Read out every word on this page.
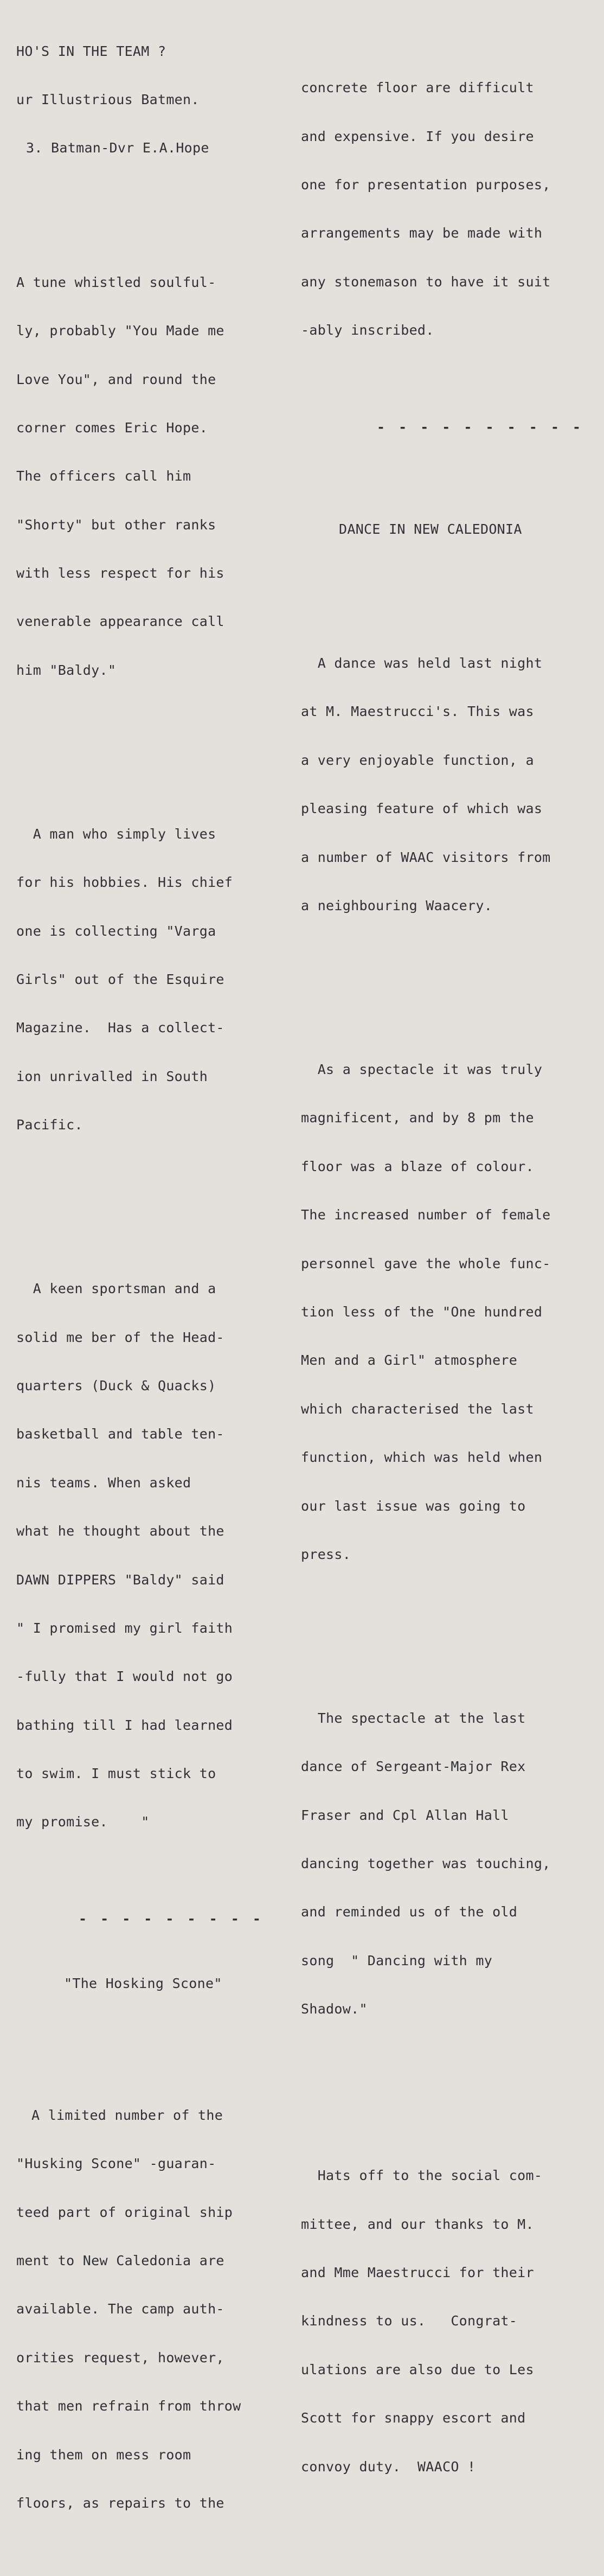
HO'S IN THE TEAM ?

ur Illustrious Batmen.

3. Batman-Dvr E.A.Hope

A tune whistled soulful-

ly, probably "You Made me

Love You", and round the

corner comes Eric Hope.

The officers call him

"Shorty" but other ranks

with less respect for his

venerable appearance call

him "Baldy."

A man who simply lives

for his hobbies. His chief

one is collecting "Varga

Girls" out of the Esquire

Magazine.  Has a collect-

ion unrivalled in South

Pacific.

A keen sportsman and a

solid me ber of the Head-

quarters (Duck & Quacks)

basketball and table ten-

nis teams. When asked

what he thought about the

DAWN DIPPERS "Baldy" said

" I promised my girl faith

-fully that I would not go

bathing till I had learned

to swim. I must stick to

my promise.    "

- - - - - - - - -

"The Hosking Scone"

A limited number of the

"Husking Scone" -guaran-

teed part of original ship

ment to New Caledonia are

available. The camp auth-

orities request, however,

that men refrain from throw

ing them on mess room

floors, as repairs to the

concrete floor are difficult

and expensive. If you desire

one for presentation purposes,

arrangements may be made with

any stonemason to have it suit

-ably inscribed.

- - - - - - - - - -

DANCE IN NEW CALEDONIA

A dance was held last night

at M. Maestrucci's. This was

a very enjoyable function, a

pleasing feature of which was

a number of WAAC visitors from

a neighbouring Waacery.

As a spectacle it was truly

magnificent, and by 8 pm the

floor was a blaze of colour.

The increased number of female

personnel gave the whole func-

tion less of the "One hundred

Men and a Girl" atmosphere

which characterised the last

function, which was held when

our last issue was going to

press.

The spectacle at the last

dance of Sergeant-Major Rex

Fraser and Cpl Allan Hall

dancing together was touching,

and reminded us of the old

song  " Dancing with my

Shadow."

Hats off to the social com-

mittee, and our thanks to M.

and Mme Maestrucci for their

kindness to us.   Congrat-

ulations are also due to Les

Scott for snappy escort and

convoy duty.  WAACO !
